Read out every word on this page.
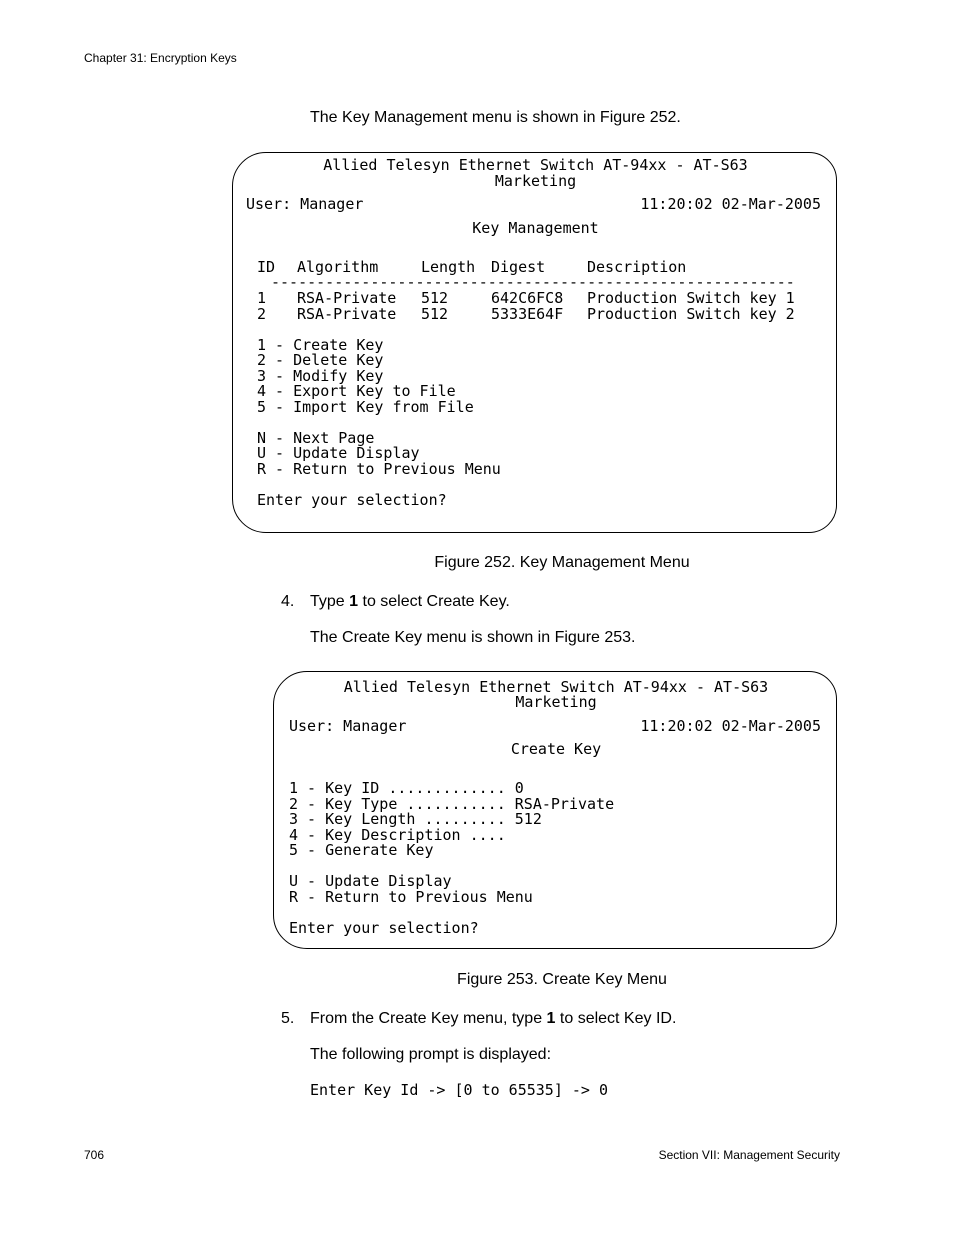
Chapter 31: Encryption Keys
The Key Management menu is shown in Figure 252.
Allied Telesyn Ethernet Switch AT-94xx - AT-S63
Marketing
User: Manager	11:20:02 02-Mar-2005
Key Management
ID Algorithm	Length Digest	Description
----------------------------------------------------------
1 RSA-Private 512	642C6FC8 Production Switch key 1
2 RSA-Private 512	5333E64F Production Switch key 2
1 - Create Key
2 - Delete Key
3 - Modify Key
4 - Export Key to File
5 - Import Key from File
N - Next Page
U - Update Display
R - Return to Previous Menu
Enter your selection?
Figure 252. Key Management Menu
4. Type 1 to select Create Key.
The Create Key menu is shown in Figure 253.
Allied Telesyn Ethernet Switch AT-94xx - AT-S63
Marketing
User: Manager	11:20:02 02-Mar-2005
Create Key
1 - Key ID ............. 0
2 - Key Type ........... RSA-Private
3 - Key Length ......... 512
4 - Key Description ....
5 - Generate Key
U - Update Display
R - Return to Previous Menu
Enter your selection?
Figure 253. Create Key Menu
5. From the Create Key menu, type 1 to select Key ID.
The following prompt is displayed:
Enter Key Id -> [0 to 65535] -> 0
706	Section VII: Management Security
